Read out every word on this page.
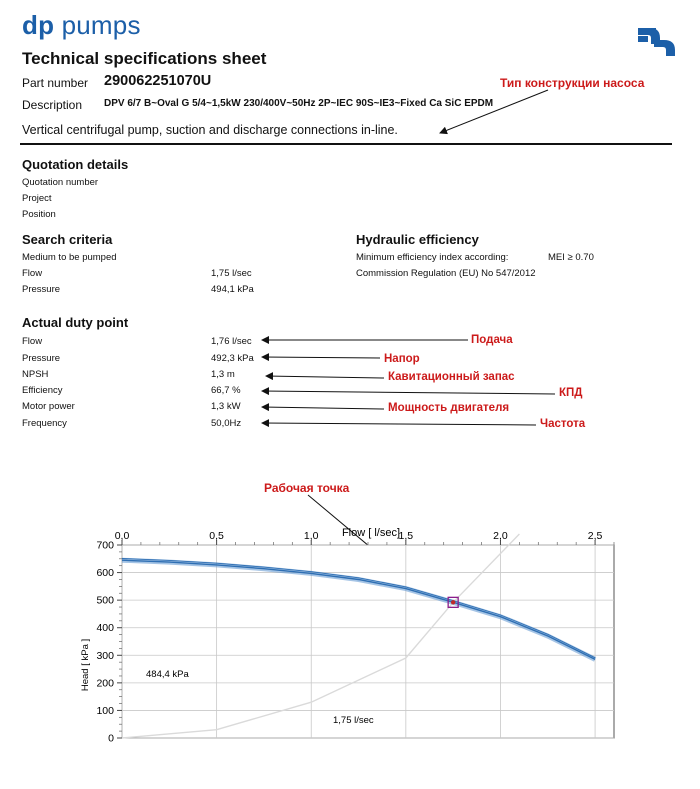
dp pumps
Technical specifications sheet
Part number 290062251070U
Description DPV 6/7 B~Oval G 5/4~1,5kW 230/400V~50Hz 2P~IEC 90S~IE3~Fixed Ca SiC EPDM
Тип конструкции насоса
Vertical centrifugal pump, suction and discharge connections in-line.
Quotation details
Quotation number
Project
Position
Search criteria
Medium to be pumped
Flow	1,75 l/sec
Pressure	494,1 kPa
Hydraulic efficiency
Minimum efficiency index according:	MEI ≥ 0.70
Commission Regulation (EU) No 547/2012
Actual duty point
Flow	1,76 l/sec	Подача
Pressure	492,3 kPa	Напор
NPSH	1,3 m	Кавитационный запас
Efficiency	66,7 %	КПД
Motor power	1,3 kW	Мощность двигателя
Frequency	50,0Hz	Частота
Рабочая точка
0,0	0,5	1,0	1,5	2,0	2,5
0
100
200
300
400
500
600
700
Flow [ l/sec]
Head [ kPa ]	484,4 kPa
1,75 l/sec
